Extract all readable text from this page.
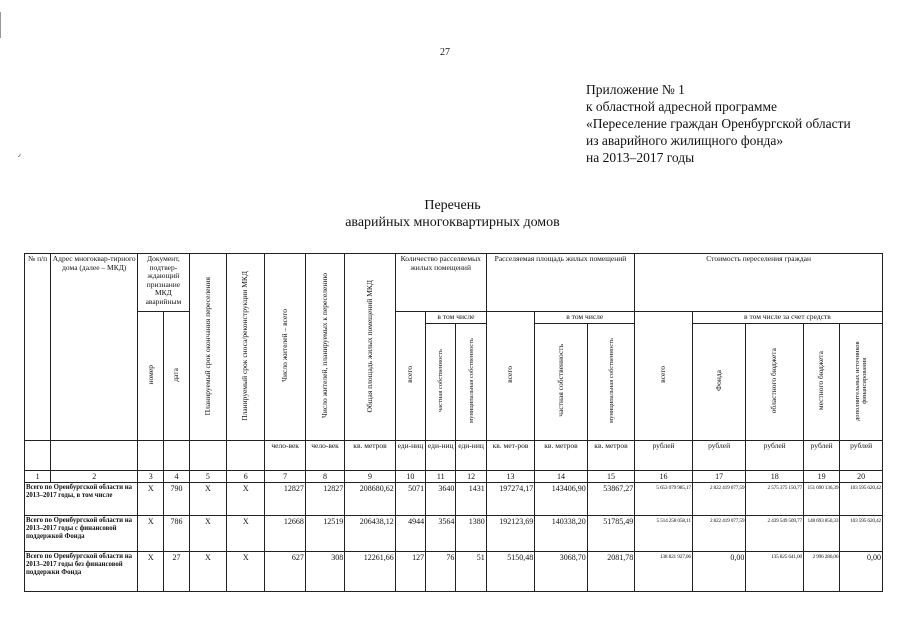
27
Приложение № 1
к областной адресной программе
«Переселение граждан Оренбургской области
из аварийного жилищного фонда»
на 2013–2017 годы
٫
Перечень
аварийных многоквартирных домов
№ п/п	Адрес многоквар-тирного дома (далее – МКД)	Документ, подтвер-ждающий признание МКД аварийным		Планируемый срок окончания переселения	Планируемый срок сноса/реконструкции МКД	Число жителей – всего	Число жителей, планируемых к переселению	Общая площадь жилых помещений МКД	Количество расселяемых жилых помещений			Расселяемая площадь жилых помещений			Стоимость переселения граждан				
		номер	дата						всего	в том числе		всего	в том числе		всего	в том числе за счет средств			
										частная собственность	муниципальная собственность		частная собственность	муниципальная собственность		Фонда	областного бюджета	местного бюджета	дополнительных источников финансирования
						чело-век	чело-век	кв. метров	еди-ниц	еди-ниц	еди-ниц	кв. мет-ров	кв. метров	кв. метров	рублей	рублей	рублей	рублей	рублей
1	2	3	4	5	6	7	8	9	10	11	12	13	14	15	16	17	18	19	20
Всего по Оренбургской области на 2013–2017 годы, в том числе		X	790	X	X	12827	12827	208680,62	5071	3640	1431	197274,17	143406,90	53867,27	5 653 079 985,17	2 822 419 077,59	2 575 375 150,77	151 690 136,39	103 595 620,42
Всего по Оренбургской области на 2013–2017 годы с финансовой поддержкой Фонда		X	786	X	X	12668	12519	206438,12	4944	3564	1380	192123,69	140338,20	51785,49	5 514 258 058,11	2 822 419 077,59	2 439 549 509,77	148 693 850,33	103 595 620,42
Всего по Оренбургской области на 2013–2017 годы без финансовой поддержки Фонда		X	27	X	X	627	308	12261,66	127	76	51	5150,48	3068,70	2081,78	138 821 927,06	0,00	135 825 641,00	2 996 286,06	0,00
